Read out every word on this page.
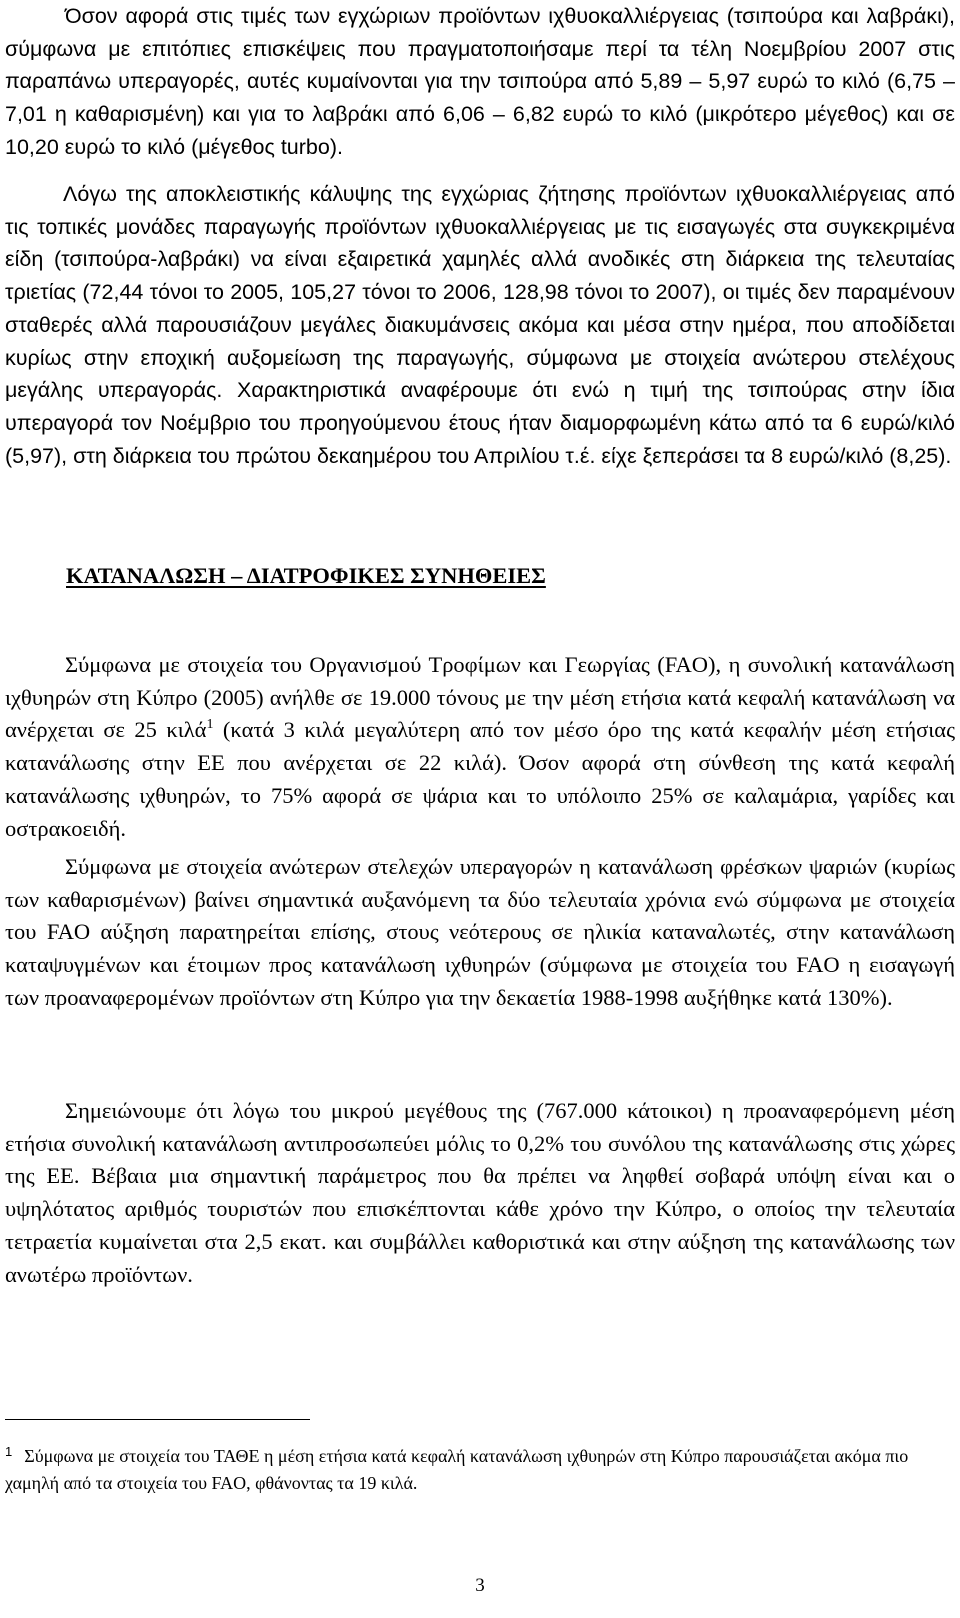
Όσον αφορά στις τιμές των εγχώριων προϊόντων ιχθυοκαλλιέργειας (τσιπούρα και λαβράκι), σύμφωνα με επιτόπιες επισκέψεις που πραγματοποιήσαμε περί τα τέλη Νοεμβρίου 2007 στις παραπάνω υπεραγορές, αυτές κυμαίνονται για την τσιπούρα από 5,89 – 5,97 ευρώ το κιλό (6,75 – 7,01 η καθαρισμένη) και για το λαβράκι από 6,06 – 6,82 ευρώ το κιλό (μικρότερο μέγεθος) και σε 10,20 ευρώ το κιλό (μέγεθος turbo).

Λόγω της αποκλειστικής κάλυψης της εγχώριας ζήτησης προϊόντων ιχθυοκαλλιέργειας από τις τοπικές μονάδες παραγωγής προϊόντων ιχθυοκαλλιέργειας με τις εισαγωγές στα συγκεκριμένα είδη (τσιπούρα-λαβράκι) να είναι εξαιρετικά χαμηλές αλλά ανοδικές στη διάρκεια της τελευταίας τριετίας (72,44 τόνοι το 2005, 105,27 τόνοι το 2006, 128,98 τόνοι το 2007), οι τιμές δεν παραμένουν σταθερές αλλά παρουσιάζουν μεγάλες διακυμάνσεις ακόμα και μέσα στην ημέρα, που αποδίδεται κυρίως στην εποχική αυξομείωση της παραγωγής, σύμφωνα με στοιχεία ανώτερου στελέχους μεγάλης υπεραγοράς. Χαρακτηριστικά αναφέρουμε ότι ενώ η τιμή της τσιπούρας στην ίδια υπεραγορά τον Νοέμβριο του προηγούμενου έτους ήταν διαμορφωμένη κάτω από τα 6 ευρώ/κιλό (5,97), στη διάρκεια του πρώτου δεκαημέρου του Απριλίου τ.έ. είχε ξεπεράσει τα 8 ευρώ/κιλό (8,25).

ΚΑΤΑΝΑΛΩΣΗ – ΔΙΑΤΡΟΦΙΚΕΣ ΣΥΝΗΘΕΙΕΣ

Σύμφωνα με στοιχεία του Οργανισμού Τροφίμων και Γεωργίας (FAO), η συνολική κατανάλωση ιχθυηρών στη Κύπρο (2005) ανήλθε σε 19.000 τόνους με την μέση ετήσια κατά κεφαλή κατανάλωση να ανέρχεται σε 25 κιλά$^1$ (κατά 3 κιλά μεγαλύτερη από τον μέσο όρο της κατά κεφαλήν μέση ετήσιας κατανάλωσης στην ΕΕ που ανέρχεται σε 22 κιλά). Όσον αφορά στη σύνθεση της κατά κεφαλή κατανάλωσης ιχθυηρών, το 75% αφορά σε ψάρια και το υπόλοιπο 25% σε καλαμάρια, γαρίδες και οστρακοειδή.

Σύμφωνα με στοιχεία ανώτερων στελεχών υπεραγορών η κατανάλωση φρέσκων ψαριών (κυρίως των καθαρισμένων) βαίνει σημαντικά αυξανόμενη τα δύο τελευταία χρόνια ενώ σύμφωνα με στοιχεία του FAO αύξηση παρατηρείται επίσης, στους νεότερους σε ηλικία καταναλωτές, στην κατανάλωση καταψυγμένων και έτοιμων προς κατανάλωση ιχθυηρών (σύμφωνα με στοιχεία του FAO η εισαγωγή των προαναφερομένων προϊόντων στη Κύπρο για την δεκαετία 1988-1998 αυξήθηκε κατά 130%).

Σημειώνουμε ότι λόγω του μικρού μεγέθους της (767.000 κάτοικοι) η προαναφερόμενη μέση ετήσια συνολική κατανάλωση αντιπροσωπεύει μόλις το 0,2% του συνόλου της κατανάλωσης στις χώρες της ΕΕ. Βέβαια μια σημαντική παράμετρος που θα πρέπει να ληφθεί σοβαρά υπόψη είναι και ο υψηλότατος αριθμός τουριστών που επισκέπτονται κάθε χρόνο την Κύπρο, ο οποίος την τελευταία τετραετία κυμαίνεται στα 2,5 εκατ. και συμβάλλει καθοριστικά και στην αύξηση της κατανάλωσης των ανωτέρω προϊόντων.

$^1$ Σύμφωνα με στοιχεία του ΤΑΘΕ η μέση ετήσια κατά κεφαλή κατανάλωση ιχθυηρών στη Κύπρο παρουσιάζεται ακόμα πιο χαμηλή από τα στοιχεία του FAO, φθάνοντας τα 19 κιλά.

3
